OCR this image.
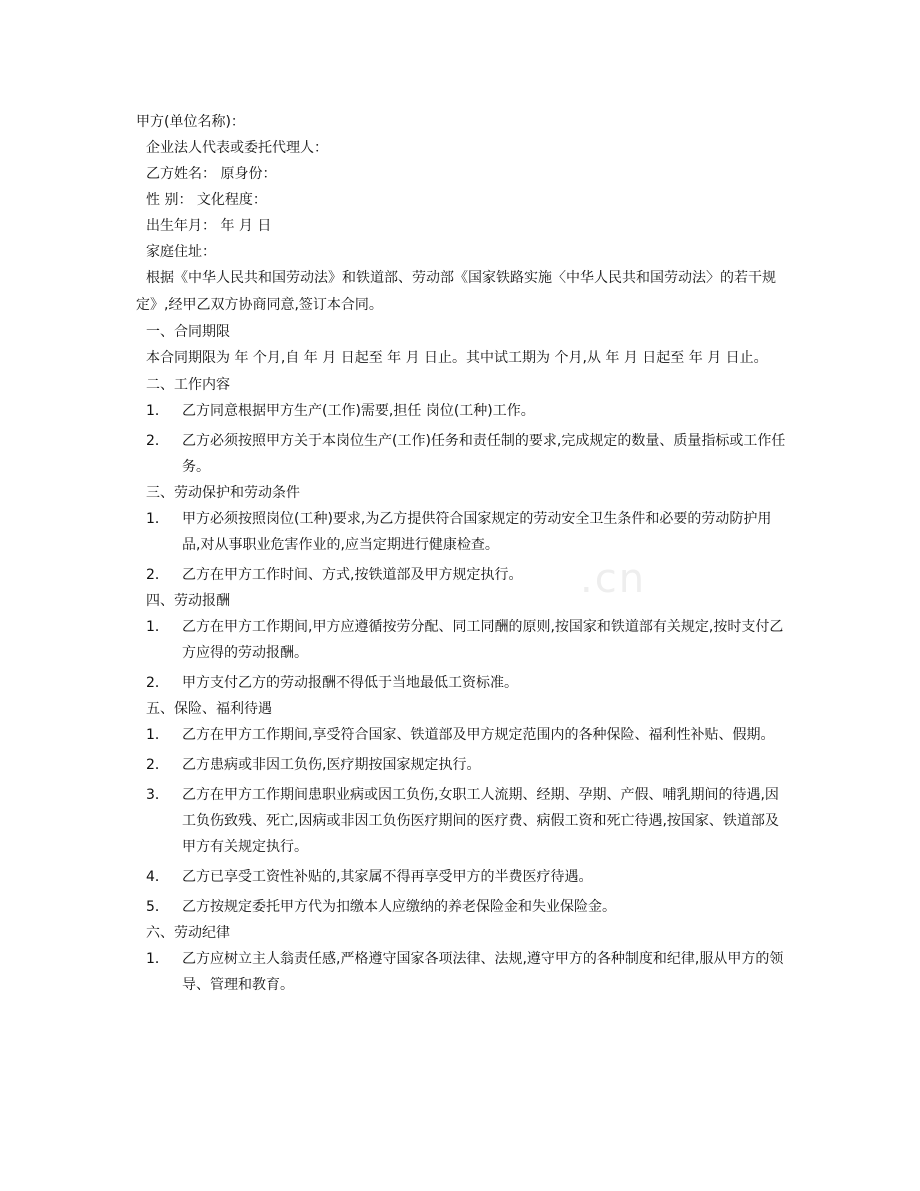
甲方(单位名称)：
企业法人代表或委托代理人：
乙方姓名： 原身份：
性 别： 文化程度：
出生年月： 年 月 日
家庭住址：
根据《中华人民共和国劳动法》和铁道部、劳动部《国家铁路实施〈中华人民共和国劳动法〉的若干规定》,经甲乙双方协商同意,签订本合同。
一、合同期限
本合同期限为 年 个月,自 年 月 日起至 年 月 日止。其中试工期为 个月,从 年 月 日起至 年 月 日止。
二、工作内容
1． 乙方同意根据甲方生产(工作)需要,担任 岗位(工种)工作。
2． 乙方必须按照甲方关于本岗位生产(工作)任务和责任制的要求,完成规定的数量、质量指标或工作任务。
三、劳动保护和劳动条件
1． 甲方必须按照岗位(工种)要求,为乙方提供符合国家规定的劳动安全卫生条件和必要的劳动防护用品,对从事职业危害作业的,应当定期进行健康检查。
2． 乙方在甲方工作时间、方式,按铁道部及甲方规定执行。
四、劳动报酬
1． 乙方在甲方工作期间,甲方应遵循按劳分配、同工同酬的原则,按国家和铁道部有关规定,按时支付乙方应得的劳动报酬。
2． 甲方支付乙方的劳动报酬不得低于当地最低工资标准。
五、保险、福利待遇
1． 乙方在甲方工作期间,享受符合国家、铁道部及甲方规定范围内的各种保险、福利性补贴、假期。
2． 乙方患病或非因工负伤,医疗期按国家规定执行。
3． 乙方在甲方工作期间患职业病或因工负伤,女职工人流期、经期、孕期、产假、哺乳期间的待遇,因工负伤致残、死亡,因病或非因工负伤医疗期间的医疗费、病假工资和死亡待遇,按国家、铁道部及甲方有关规定执行。
4． 乙方已享受工资性补贴的,其家属不得再享受甲方的半费医疗待遇。
5． 乙方按规定委托甲方代为扣缴本人应缴纳的养老保险金和失业保险金。
六、劳动纪律
1． 乙方应树立主人翁责任感,严格遵守国家各项法律、法规,遵守甲方的各种制度和纪律,服从甲方的领导、管理和教育。
.cn
